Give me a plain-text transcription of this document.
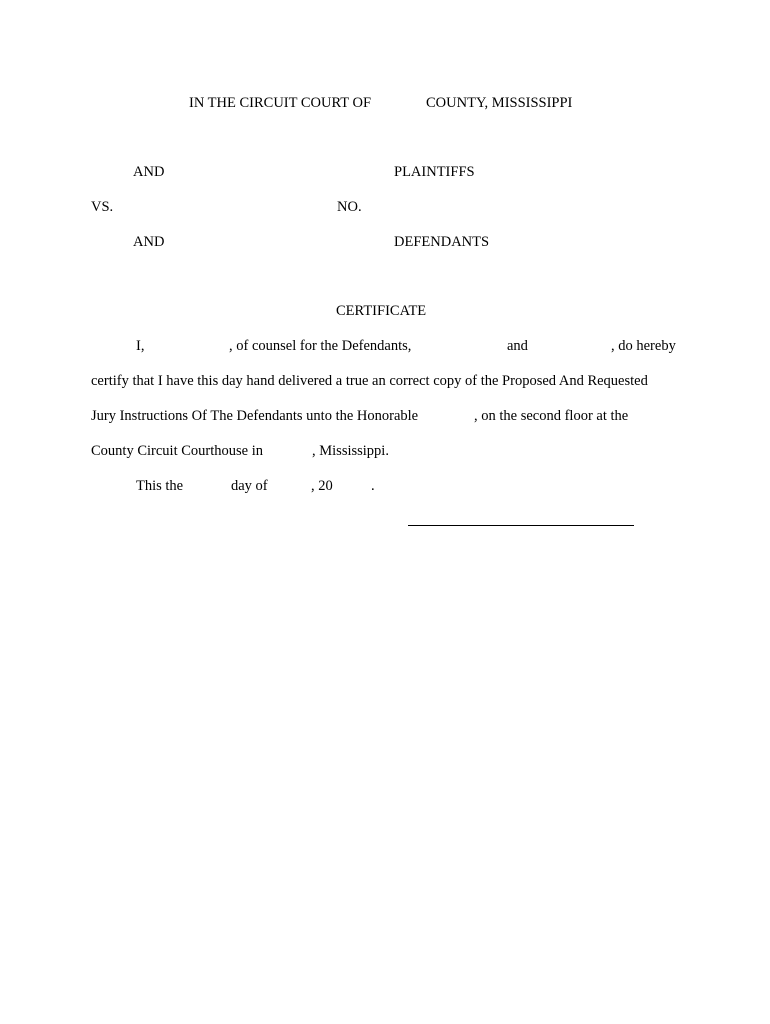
IN THE CIRCUIT COURT OF	COUNTY, MISSISSIPPI
AND	PLAINTIFFS
VS.	NO.
AND	DEFENDANTS
CERTIFICATE
I,	, of counsel for the Defendants,	and	, do hereby
certify that I have this day hand delivered a true an correct copy of the Proposed And Requested
Jury Instructions Of The Defendants unto the Honorable	, on the second floor at the
County Circuit Courthouse in	, Mississippi.
This the	day of	, 20	.
